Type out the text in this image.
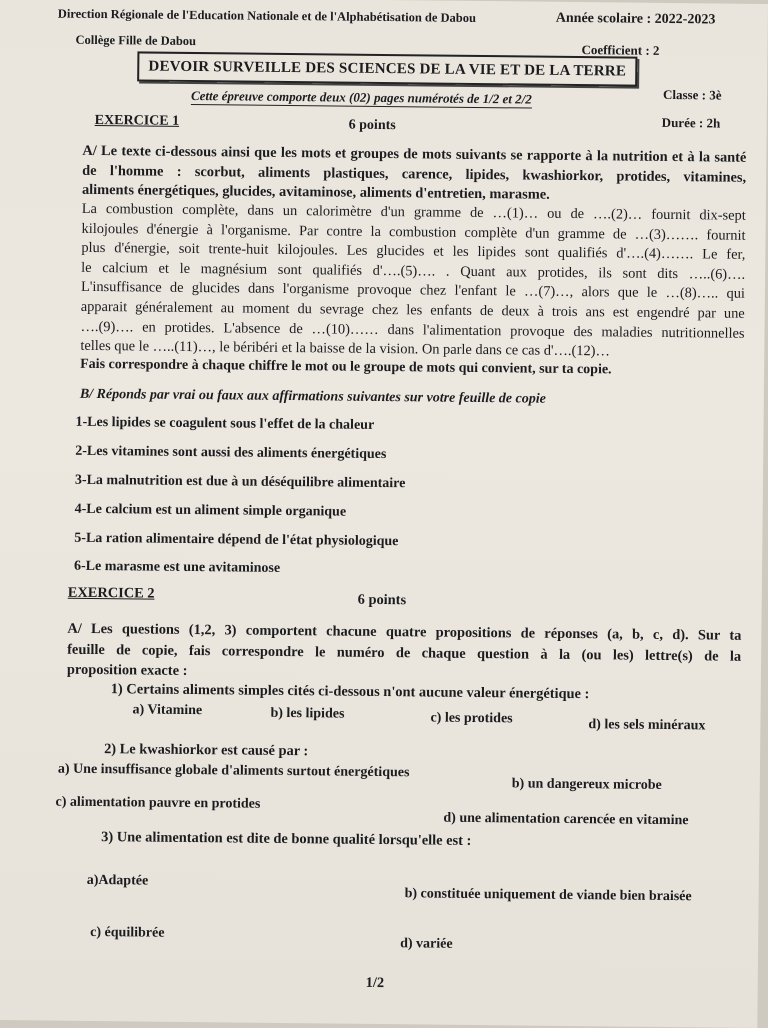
Direction Régionale de l'Education Nationale et de l'Alphabétisation de Dabou	Année scolaire : 2022-2023
Collège Fille de Dabou
Coefficient : 2
DEVOIR SURVEILLE DES SCIENCES DE LA VIE ET DE LA TERRE
Cette épreuve comporte deux (02) pages numérotés de 1/2 et 2/2	Classe : 3è
Durée : 2h
EXERCICE 1	6 points
A/ Le texte ci-dessous ainsi que les mots et groupes de mots suivants se rapporte à la nutrition et à la santé
de l'homme : scorbut, aliments plastiques, carence, lipides, kwashiorkor, protides, vitamines,
aliments énergétiques, glucides, avitaminose, aliments d'entretien, marasme.
La combustion complète, dans un calorimètre d'un gramme de …(1)… ou de ….(2)… fournit dix-sept
kilojoules d'énergie à l'organisme. Par contre la combustion complète d'un gramme de …(3)……. fournit
plus d'énergie, soit trente-huit kilojoules. Les glucides et les lipides sont qualifiés d'….(4)……. Le fer,
le calcium et le magnésium sont qualifiés d'….(5)…. . Quant aux protides, ils sont dits …..(6)….
L'insuffisance de glucides dans l'organisme provoque chez l'enfant le …(7)…, alors que le …(8)….. qui
apparait généralement au moment du sevrage chez les enfants de deux à trois ans est engendré par une
….(9)…. en protides. L'absence de …(10)…… dans l'alimentation provoque des maladies nutritionnelles
telles que le …..(11)…, le béribéri et la baisse de la vision. On parle dans ce cas d'….(12)…
Fais correspondre à chaque chiffre le mot ou le groupe de mots qui convient, sur ta copie.
B/ Réponds par vrai ou faux aux affirmations suivantes sur votre feuille de copie
1-Les lipides se coagulent sous l'effet de la chaleur
2-Les vitamines sont aussi des aliments énergétiques
3-La malnutrition est due à un déséquilibre alimentaire
4-Le calcium est un aliment simple organique
5-La ration alimentaire dépend de l'état physiologique
6-Le marasme est une avitaminose
EXERCICE 2	6 points
A/ Les questions (1,2, 3) comportent chacune quatre propositions de réponses (a, b, c, d). Sur ta
feuille de copie, fais correspondre le numéro de chaque question à la (ou les) lettre(s) de la
proposition exacte :
1) Certains aliments simples cités ci-dessous n'ont aucune valeur énergétique :
a) Vitamine	b) les lipides	c) les protides	d) les sels minéraux
2) Le kwashiorkor est causé par :
a) Une insuffisance globale d'aliments surtout énergétiques
b) un dangereux microbe
c) alimentation pauvre en protides
d) une alimentation carencée en vitamine
3) Une alimentation est dite de bonne qualité lorsqu'elle est :
a)Adaptée
b) constituée uniquement de viande bien braisée
c) équilibrée
d) variée
1/2
